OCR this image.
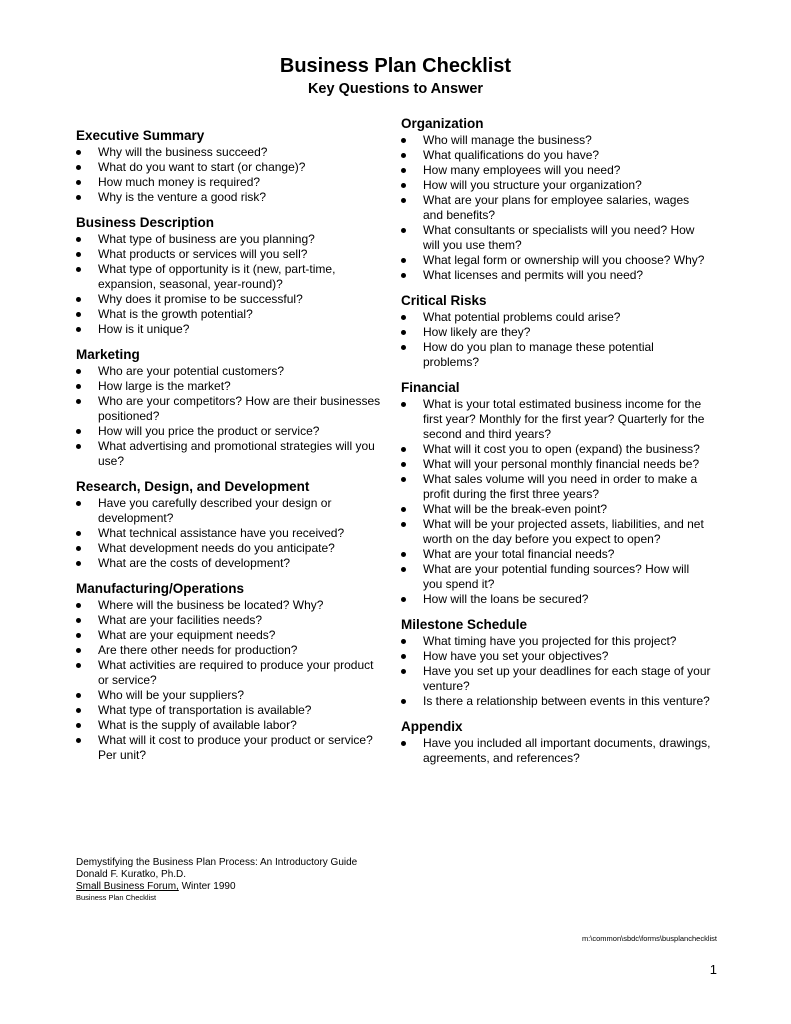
Business Plan Checklist
Key Questions to Answer
Executive Summary
Why will the business succeed?
What do you want to start (or change)?
How much money is required?
Why is the venture a good risk?
Business Description
What type of business are you planning?
What products or services will you sell?
What type of opportunity is it (new, part-time, expansion, seasonal, year-round)?
Why does it promise to be successful?
What is the growth potential?
How is it unique?
Marketing
Who are your potential customers?
How large is the market?
Who are your competitors? How are their businesses positioned?
How will you price the product or service?
What advertising and promotional strategies will you use?
Research, Design, and Development
Have you carefully described your design or development?
What technical assistance have you received?
What development needs do you anticipate?
What are the costs of development?
Manufacturing/Operations
Where will the business be located? Why?
What are your facilities needs?
What are your equipment needs?
Are there other needs for production?
What activities are required to produce your product or service?
Who will be your suppliers?
What type of transportation is available?
What is the supply of available labor?
What will it cost to produce your product or service? Per unit?
Organization
Who will manage the business?
What qualifications do you have?
How many employees will you need?
How will you structure your organization?
What are your plans for employee salaries, wages and benefits?
What consultants or specialists will you need? How will you use them?
What legal form or ownership will you choose? Why?
What licenses and permits will you need?
Critical Risks
What potential problems could arise?
How likely are they?
How do you plan to manage these potential problems?
Financial
What is your total estimated business income for the first year? Monthly for the first year? Quarterly for the second and third years?
What will it cost you to open (expand) the business?
What will your personal monthly financial needs be?
What sales volume will you need in order to make a profit during the first three years?
What will be the break-even point?
What will be your projected assets, liabilities, and net worth on the day before you expect to open?
What are your total financial needs?
What are your potential funding sources? How will you spend it?
How will the loans be secured?
Milestone Schedule
What timing have you projected for this project?
How have you set your objectives?
Have you set up your deadlines for each stage of your venture?
Is there a relationship between events in this venture?
Appendix
Have you included all important documents, drawings, agreements, and references?
Demystifying the Business Plan Process: An Introductory Guide
Donald F. Kuratko, Ph.D.
Small Business Forum, Winter 1990
Business Plan Checklist
m:\common\sbdc\forms\busplanchecklist
1
